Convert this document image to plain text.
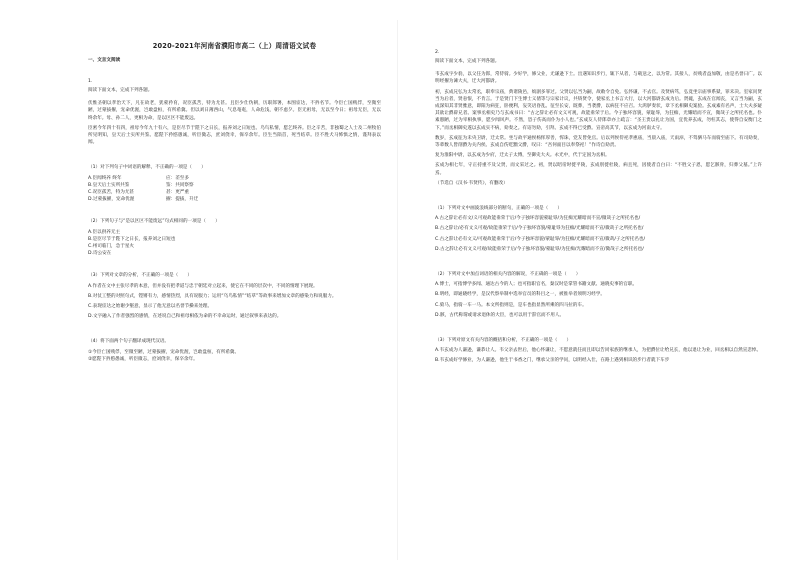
2020-2021年河南省濮阳市高二（上）周清语文试卷
一、文言文阅读
1.

阅读下面文本，完成下列各题。

伏惟圣朝以孝治天下，凡在故老，犹蒙矜育，况臣孤苦，特为尤甚。且臣少仕伪朝，历职郎署，本图宦达，不矜名节。今臣亡国贱俘，至微至陋，过蒙拔擢，宠命优渥，岂敢盘桓，有所希冀。但以刘日薄西山，气息奄奄，人命危浅，朝不虑夕。臣无祖母，无以至今日；祖母无臣，无以终余年。母、孙二人，更相为命，是以区区不能废远。

臣密今年四十有四，祖母今年九十有六，是臣尽节于陛下之日长，报养刘之日短也。乌鸟私情，愿乞终养。臣之辛苦，非独蜀之人士及二州牧伯所见明知，皇天后土实所共鉴。愿陛下矜愍愚诚，听臣微志，庶刘侥幸，保卒余年。臣生当陨首，死当结草。臣不胜犬马怖惧之情，谨拜表以闻。

（1）对下列句子中词语的解释，不正确的一项是（　　）

A.臣闻终养 终年	应：差至多
B.皇天后土实所共鉴	鉴：共同察察
C.况臣孤苦，特为尤甚	甚：更严重
D.过蒙拔擢，宠命优渥	擢：提拔，升迁

（2）下列句子与“是以区区不能废远”句式相同的一项是（　　）

A.臣以供养无主

B.是臣尽节于陛下之日长，报养刘之日短也

C.州司临门，急于星火

D.诗公安在

（3）下列对文章的分析，不正确的一项是（　　）

A.作者在文中主张尽孝的本意，但并没有把孝道与忠于朝廷对立起来，使它在不同的层次中，不同的情理下展现。

B.对仗工整的对照句式，铿锵有力，感情热烈，具有说服力；运用“乌鸟私情”“结草”等故事来增加文章的感染力和说服力。

C.表现宦达之始谢少壑意，显示了他无意以名誉节操来处理。

D.文字融入了作者强烈的感情，在述说自己和祖母相依为命的不幸命运时，通过叙事来表达的。

（4）将下面两个句子翻译成现代汉语。

①今臣亡国贱俘，至微至陋，过蒙拔擢，宠命优渥，岂敢盘桓，有所希冀。

②愿陛下矜愍愚诚，听臣微志，庶刘侥幸，保卒余年。

2.

阅读下面文本，完成下列各题。

韦玄成字少翁，以父任为郎，常侍骑。少好学，修父业，尤谦逊下士。出遇知识步行，辄下从者，与载送之，以为常。其接人，贫贱者益加敬，由是名誉日广。以明经擢为谏大夫，迁大河都尉。

初，玄成兄弘为太常丞，职奉宗庙，典诸陵邑，烦剧多罪过。父贤以弘当为嗣，故敕令自免。弘怀谦，不去官。及贤病笃，弘竟坐宗庙事系狱，罪未决。室家问贤当为后者，贤恚恨，不肯言。于是贤门下生博士义倩等与宗家计议，共矫贤令，使家丞上书言大行，以大河都尉玄成为后。贤薨，玄成在官闻丧，又言当为嗣，玄成深知其非贤雅意，即阳为病狂，卧便利，妄笑语昏乱。征至长安，既葬，当袭爵，以病狂不应召。大鸿胪奏状，章下丞相御史案验。玄成素有名声，士大夫多疑其欲让爵辟兄者。案事丞相史乃与玄成书曰：“古之辞让必有文义可观，故能垂荣于后。今子独坏容貌，蒙耻辱，为狂痴，光耀暗而不宣，微哉子之所托名也。仆素愚陋，过为宰相执事，愿少闻风声。不然，恐子伤高而仆为小人也。”玄成友人侍郎章亦上疏言：“圣王贵以礼让为国，宜优养玄成，勿枉其志，使得自安衡门之下。”而丞相御史遂以玄成实不病，劾奏之。有诏勿劾，引拜。玄成不得已受爵。宣帝高其节，以玄成为河南太守。

数岁，玄成征为未央卫尉，迁太常。坐与故平通侯杨恽厚善，恽诛，党友皆免官。后以列侯侍祀孝惠庙，当晨入庙，天雨淖，不驾驷马车而骑至庙下。有司劾奏，等辈数人皆削爵为关内侯。玄成自伤贬黜父爵，叹曰：“吾何面目以奉祭祀！”作诗自劾责。

复为淮阳中尉，以玄成为少府，迁太子太傅，至御史大夫。永光中，代于定国为丞相。

玄成为相七年，守正持重不及父贤，而文采过之。初，贤以昭帝时徙平陵，玄成别徙杜陵，病且死，因使者自白曰：“不胜父子恩，愿乞骸骨，归葬父墓。”上许焉。

（节选自《汉书·韦贤传》，有删改）

（1）下列对文中画波浪线部分的断句，正确的一项是（　　）

A.古之辞让必有文/义可观故能垂荣于后/今子独坏容貌蒙耻辱/为狂痴光耀暗而不宣/微哉子之所托名也/

B.古之辞让/必有文义可观/故能垂荣于后/今子独坏容貌/蒙耻辱为狂痴/光耀暗而不宣/微哉子之所托名也/

C.古之辞让必有文义/可观故能垂荣于后/今子独坏容貌/蒙耻辱/为狂痴/光耀暗而不宣/微哉/子之所托名也/

D.古之辞让必有文义可观/故能垂荣于后/今子独坏容貌/蒙耻辱/为狂痴/光耀暗而不宣/微哉子之所托名也/

（2）下列对文中加点词语的相关内容的解说，不正确的一项是（　　）

A.博士，可指博学多闻、通达古今的人；也可指职官名，秦汉时是掌管书籍文献、通晓史事的官职。

B.明经，即通晓经学，是汉代察举制中选举官员的科目之一，被推举者须明习经学。

C.骑马，指骑一车一马。本文所指则是，是车也指显然所乘的四马拉的车。

D.骸，古代称谓或请求退休的大臣，也可以用于辞官而不用人。

（3）下列对原文有关内容的概括和分析，不正确的一项是（　　）

A.韦玄成为人谦逊，谦恭让人。韦父亲去世后，他心怀谦让，不愿意就任而且即以告同家族的继承人，为把爵位让给兄长，他以退让为业，回丞相以自然宣悲悼。

B.韦玄成好学修业，为人谦逊，他生于书香之门，继承父亲的学问，以明经入仕，在路上遇到相识的步行者就下车步
